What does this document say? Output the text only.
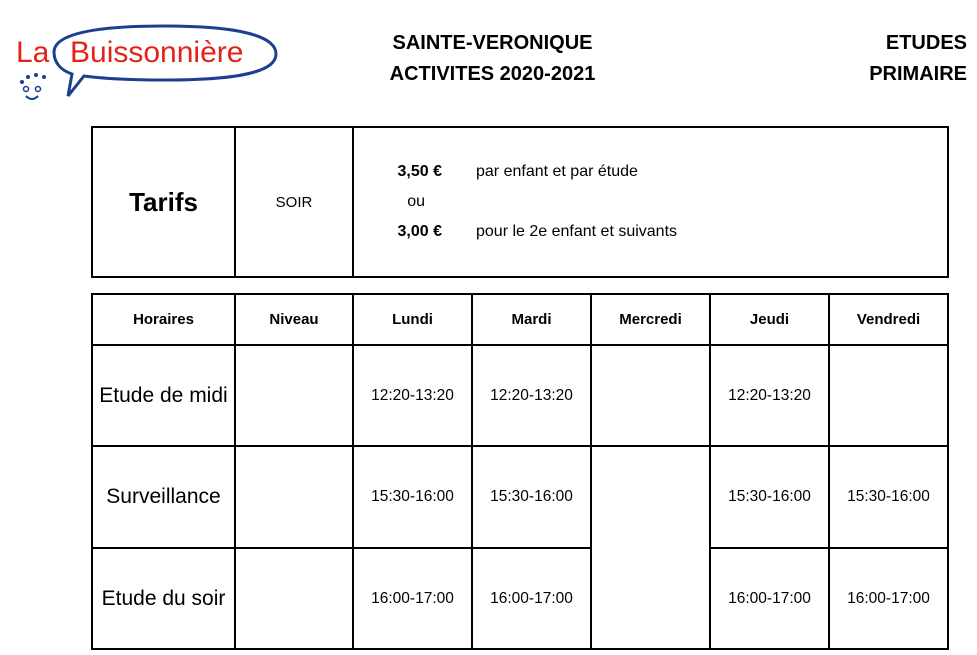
La Buissonnière	SAINTE-VERONIQUE
ACTIVITES 2020-2021
ETUDES
PRIMAIRE
Tarifs	SOIR	
3,50 € par enfant et par étude
ou
3,00 € pour le 2e enfant et suivants
Horaires	Niveau	Lundi	Mardi	Mercredi	Jeudi	Vendredi
Etude de midi		12:20-13:20	12:20-13:20		12:20-13:20	
Surveillance		15:30-16:00	15:30-16:00		15:30-16:00	15:30-16:00
Etude du soir		16:00-17:00	16:00-17:00		16:00-17:00	16:00-17:00
